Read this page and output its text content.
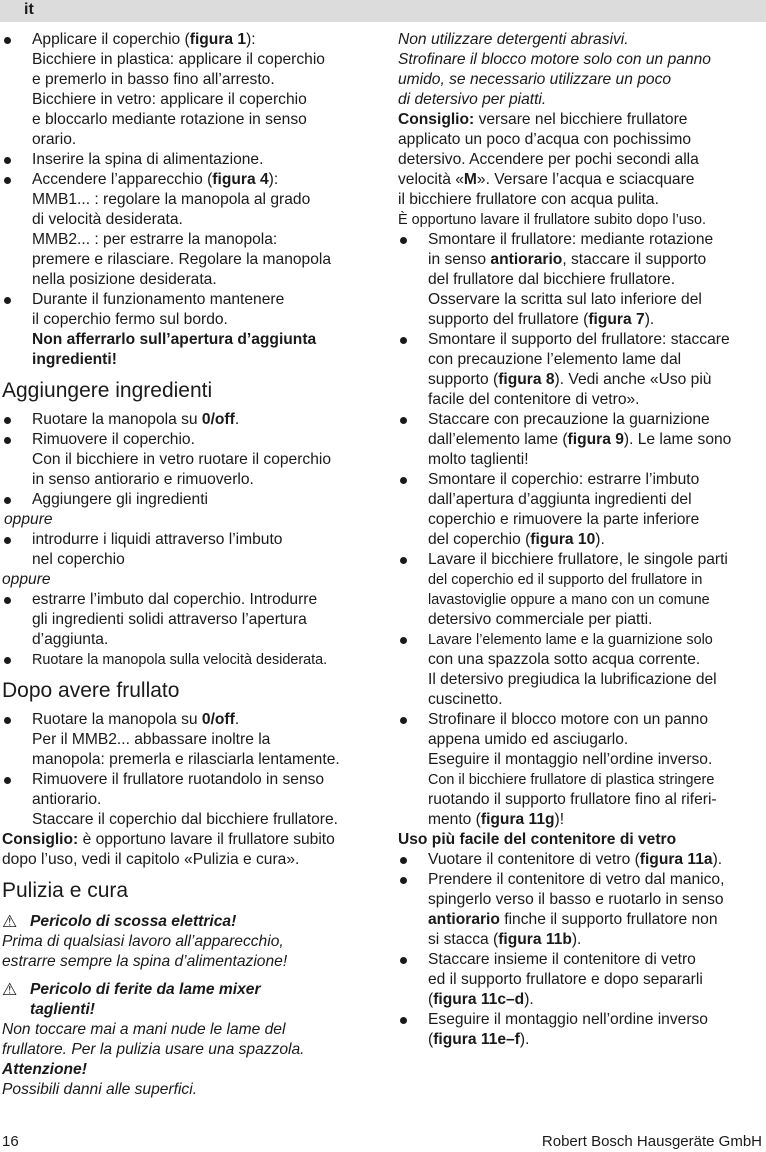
it

Applicare il coperchio (figura 1):

Bicchiere in plastica: applicare il coperchio

e premerlo in basso fino all’arresto.

Bicchiere in vetro: applicare il coperchio

e bloccarlo mediante rotazione in senso

orario.

Inserire la spina di alimentazione.

Accendere l’apparecchio (figura 4):

MMB1... : regolare la manopola al grado

di velocità desiderata.

MMB2... : per estrarre la manopola:

premere e rilasciare. Regolare la manopola

nella posizione desiderata.

Durante il funzionamento mantenere

il coperchio fermo sul bordo.

Non afferrarlo sull’apertura d’aggiunta

ingredienti!

Aggiungere ingredienti

Ruotare la manopola su 0/off.

Rimuovere il coperchio.

Con il bicchiere in vetro ruotare il coperchio

in senso antiorario e rimuoverlo.

Aggiungere gli ingredienti

oppure

introdurre i liquidi attraverso l’imbuto

nel coperchio

oppure

estrarre l’imbuto dal coperchio. Introdurre

gli ingredienti solidi attraverso l’apertura

d’aggiunta.

Ruotare la manopola sulla velocità desiderata.

Dopo avere frullato

Ruotare la manopola su 0/off.

Per il MMB2... abbassare inoltre la

manopola: premerla e rilasciarla lentamente.

Rimuovere il frullatore ruotandolo in senso

antiorario.

Staccare il coperchio dal bicchiere frullatore.

Consiglio: è opportuno lavare il frullatore subito

dopo l’uso, vedi il capitolo «Pulizia e cura».

Pulizia e cura
⚠ Pericolo di scossa elettrica!

Prima di qualsiasi lavoro all’apparecchio,

estrarre sempre la spina d’alimentazione!

⚠ Pericolo di ferite da lame mixer
taglienti!

Non toccare mai a mani nude le lame del

frullatore. Per la pulizia usare una spazzola.

Attenzione!

Possibili danni alle superfici.

Non utilizzare detergenti abrasivi.

Strofinare il blocco motore solo con un panno

umido, se necessario utilizzare un poco

di detersivo per piatti.

Consiglio: versare nel bicchiere frullatore

applicato un poco d’acqua con pochissimo

detersivo. Accendere per pochi secondi alla

velocità «M». Versare l’acqua e sciacquare

il bicchiere frullatore con acqua pulita.

È opportuno lavare il frullatore subito dopo l’uso.

Smontare il frullatore: mediante rotazione

in senso antiorario, staccare il supporto

del frullatore dal bicchiere frullatore.

Osservare la scritta sul lato inferiore del

supporto del frullatore (figura 7).

Smontare il supporto del frullatore: staccare

con precauzione l’elemento lame dal

supporto (figura 8). Vedi anche «Uso più

facile del contenitore di vetro».

Staccare con precauzione la guarnizione

dall’elemento lame (figura 9). Le lame sono

molto taglienti!

Smontare il coperchio: estrarre l’imbuto

dall’apertura d’aggiunta ingredienti del

coperchio e rimuovere la parte inferiore

del coperchio (figura 10).

Lavare il bicchiere frullatore, le singole parti

del coperchio ed il supporto del frullatore in

lavastoviglie oppure a mano con un comune

detersivo commerciale per piatti.

Lavare l’elemento lame e la guarnizione solo

con una spazzola sotto acqua corrente.

Il detersivo pregiudica la lubrificazione del

cuscinetto.

Strofinare il blocco motore con un panno

appena umido ed asciugarlo.

Eseguire il montaggio nell’ordine inverso.

Con il bicchiere frullatore di plastica stringere

ruotando il supporto frullatore fino al riferi-

mento (figura 11g)!

Uso più facile del contenitore di vetro

Vuotare il contenitore di vetro (figura 11a).

Prendere il contenitore di vetro dal manico,

spingerlo verso il basso e ruotarlo in senso

antiorario finche il supporto frullatore non

si stacca (figura 11b).

Staccare insieme il contenitore di vetro

ed il supporto frullatore e dopo separarli

(figura 11c–d).

Eseguire il montaggio nell’ordine inverso

(figura 11e–f).

16	Robert Bosch Hausgeräte GmbH
